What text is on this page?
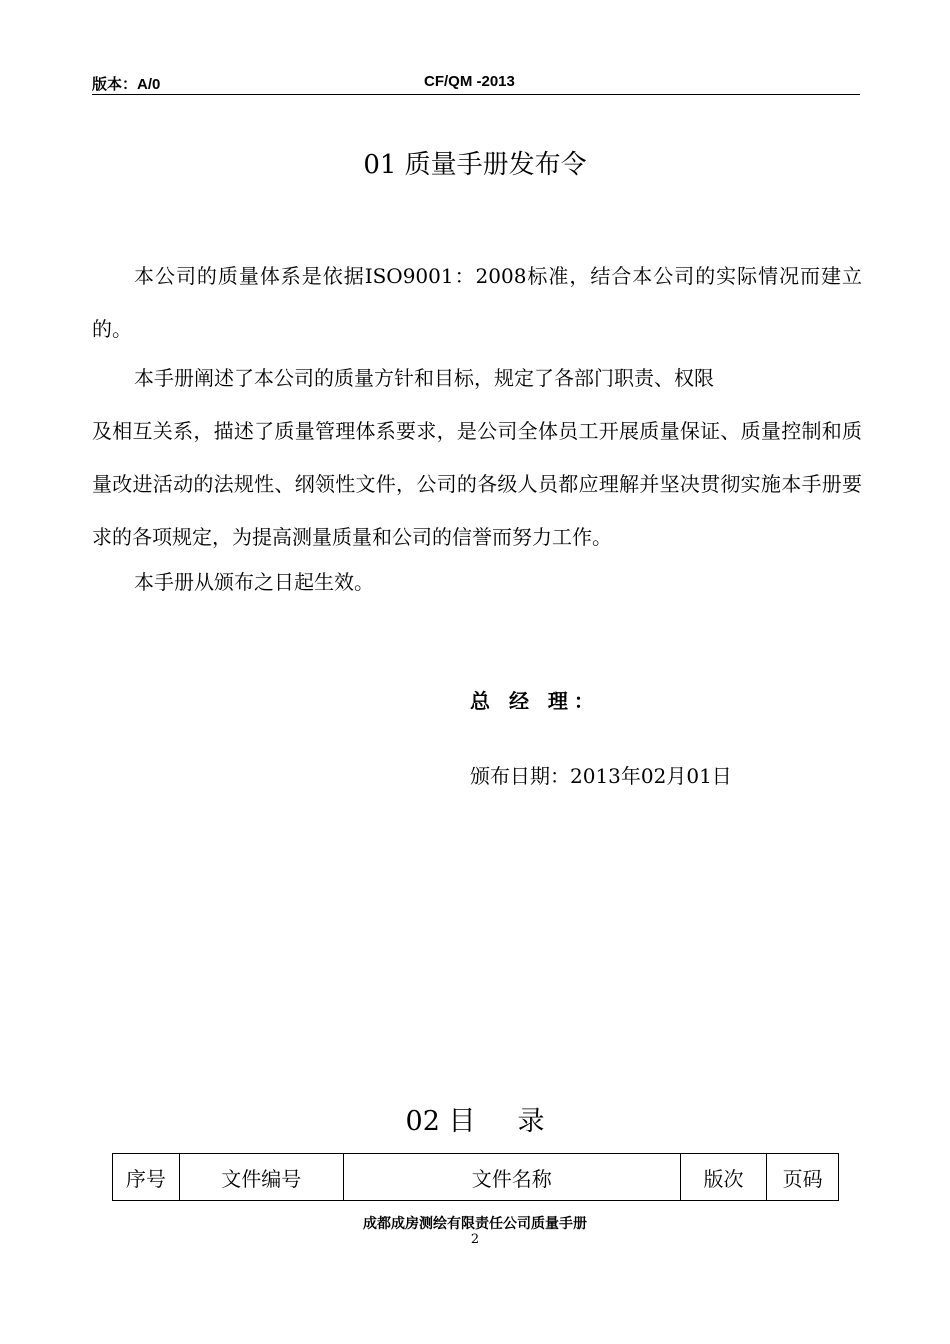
版本：A/0	CF/QM -2013
01 质量手册发布令

本公司的质量体系是依据ISO9001：2008标准，结合本公司的实际情况而建立的。

本手册阐述了本公司的质量方针和目标，规定了各部门职责、权限
及相互关系，描述了质量管理体系要求，是公司全体员工开展质量保证、质量控制和质量改进活动的法规性、纲领性文件，公司的各级人员都应理解并坚决贯彻实施本手册要求的各项规定，为提高测量质量和公司的信誉而努力工作。

本手册从颁布之日起生效。

总 经 理：
颁布日期：2013年02月01日
02 目 录
序号	文件编号	文件名称	版次	页码
成都成房测绘有限责任公司质量手册
2
